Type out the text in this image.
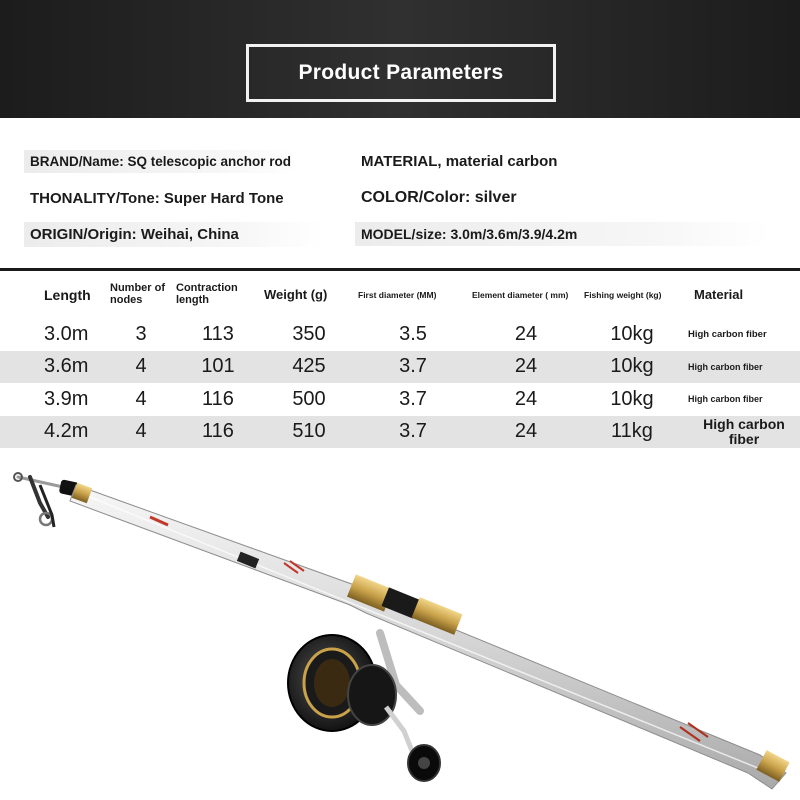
Product Parameters
BRAND/Name: SQ telescopic anchor rod	MATERIAL, material carbon
THONALITY/Tone: Super Hard Tone	COLOR/Color: silver
ORIGIN/Origin: Weihai, China	MODEL/size: 3.0m/3.6m/3.9/4.2m
Length	Number of nodes	Contraction length	Weight (g)	First diameter (MM)	Element diameter ( mm)	Fishing weight (kg)	Material
3.0m	3	113	350	3.5	24	10kg	High carbon fiber
3.6m	4	101	425	3.7	24	10kg	High carbon fiber
3.9m	4	116	500	3.7	24	10kg	High carbon fiber
4.2m	4	116	510	3.7	24	11kg	High carbon fiber
